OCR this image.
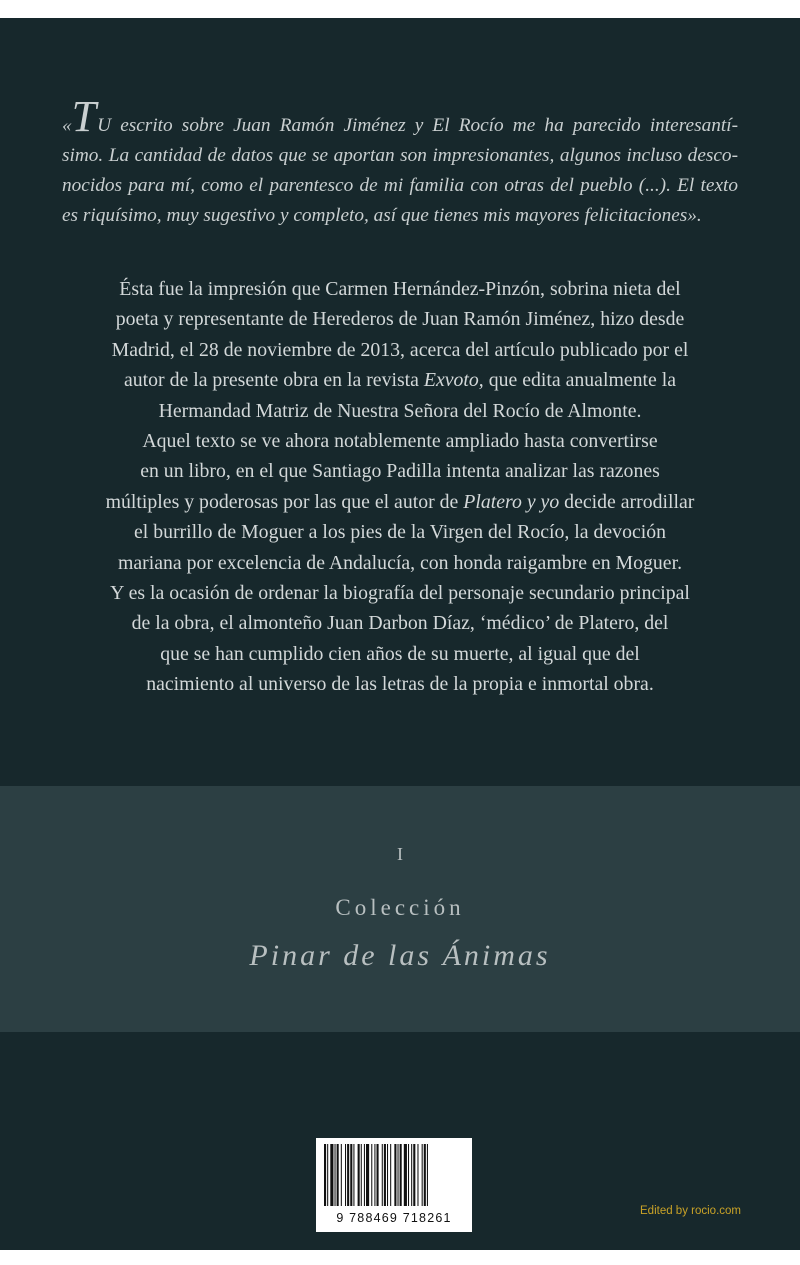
«TU escrito sobre Juan Ramón Jiménez y El Rocío me ha parecido interesantí-
simo. La cantidad de datos que se aportan son impresionantes, algunos incluso desco-
nocidos para mí, como el parentesco de mi familia con otras del pueblo (...). El texto
es riquísimo, muy sugestivo y completo, así que tienes mis mayores felicitaciones».
Ésta fue la impresión que Carmen Hernández-Pinzón, sobrina nieta del
poeta y representante de Herederos de Juan Ramón Jiménez, hizo desde
Madrid, el 28 de noviembre de 2013, acerca del artículo publicado por el
autor de la presente obra en la revista Exvoto, que edita anualmente la
Hermandad Matriz de Nuestra Señora del Rocío de Almonte.
Aquel texto se ve ahora notablemente ampliado hasta convertirse
en un libro, en el que Santiago Padilla intenta analizar las razones
múltiples y poderosas por las que el autor de Platero y yo decide arrodillar
el burrillo de Moguer a los pies de la Virgen del Rocío, la devoción
mariana por excelencia de Andalucía, con honda raigambre en Moguer.
Y es la ocasión de ordenar la biografía del personaje secundario principal
de la obra, el almonteño Juan Darbon Díaz, ‘médico’ de Platero, del
que se han cumplido cien años de su muerte, al igual que del
nacimiento al universo de las letras de la propia e inmortal obra.
I
Colección
Pinar de las Ánimas
9 788469 718261	Edited by rocio.com
